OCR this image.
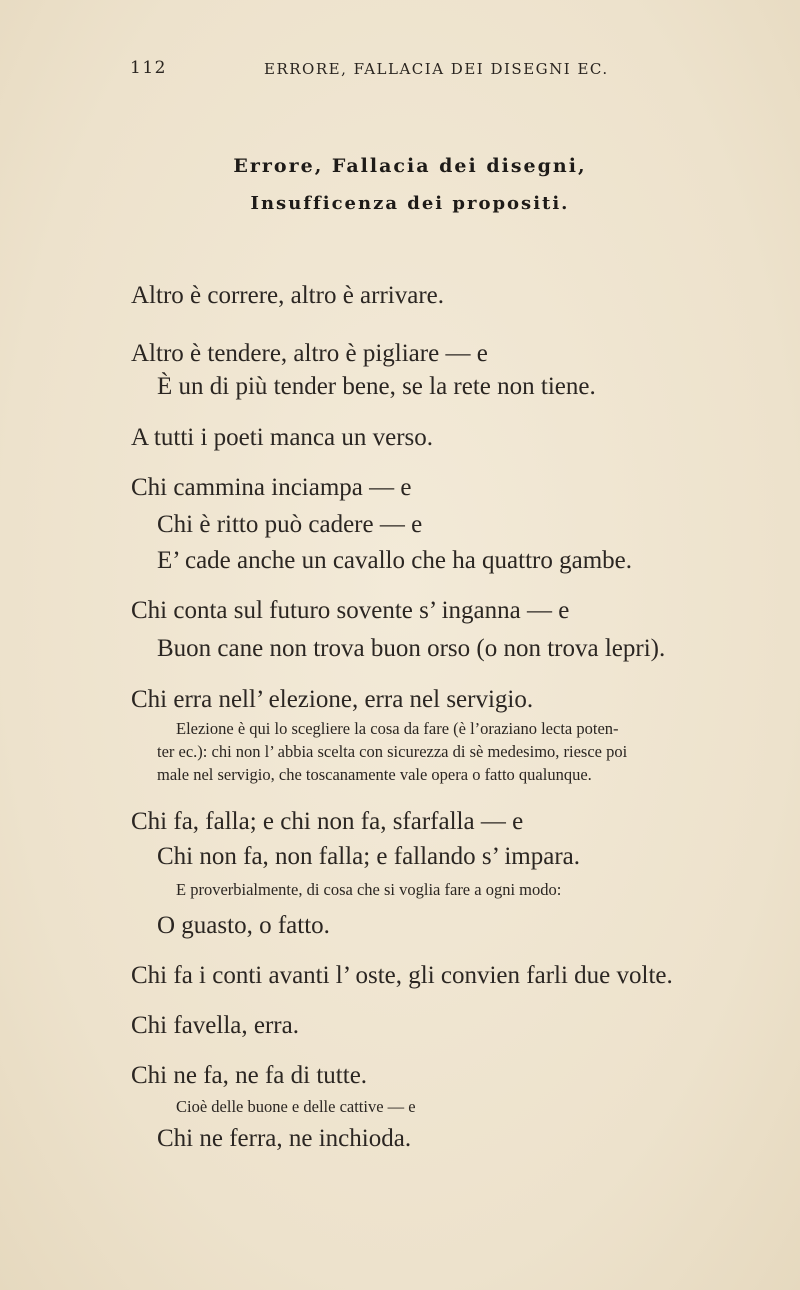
112	ERRORE, FALLACIA DEI DISEGNI EC.
Errore, Fallacia dei disegni,
Insufficenza dei propositi.
Altro è correre, altro è arrivare.
Altro è tendere, altro è pigliare — e
È un di più tender bene, se la rete non tiene.
A tutti i poeti manca un verso.
Chi cammina inciampa — e
Chi è ritto può cadere — e
E’ cade anche un cavallo che ha quattro gambe.
Chi conta sul futuro sovente s’ inganna — e
Buon cane non trova buon orso (o non trova lepri).
Chi erra nell’ elezione, erra nel servigio.
Elezione è qui lo scegliere la cosa da fare (è l’oraziano lecta poten-
ter ec.): chi non l’ abbia scelta con sicurezza di sè medesimo, riesce poi
male nel servigio, che toscanamente vale opera o fatto qualunque.
Chi fa, falla; e chi non fa, sfarfalla — e
Chi non fa, non falla; e fallando s’ impara.
E proverbialmente, di cosa che si voglia fare a ogni modo:
O guasto, o fatto.
Chi fa i conti avanti l’ oste, gli convien farli due volte.
Chi favella, erra.
Chi ne fa, ne fa di tutte.
Cioè delle buone e delle cattive — e
Chi ne ferra, ne inchioda.
